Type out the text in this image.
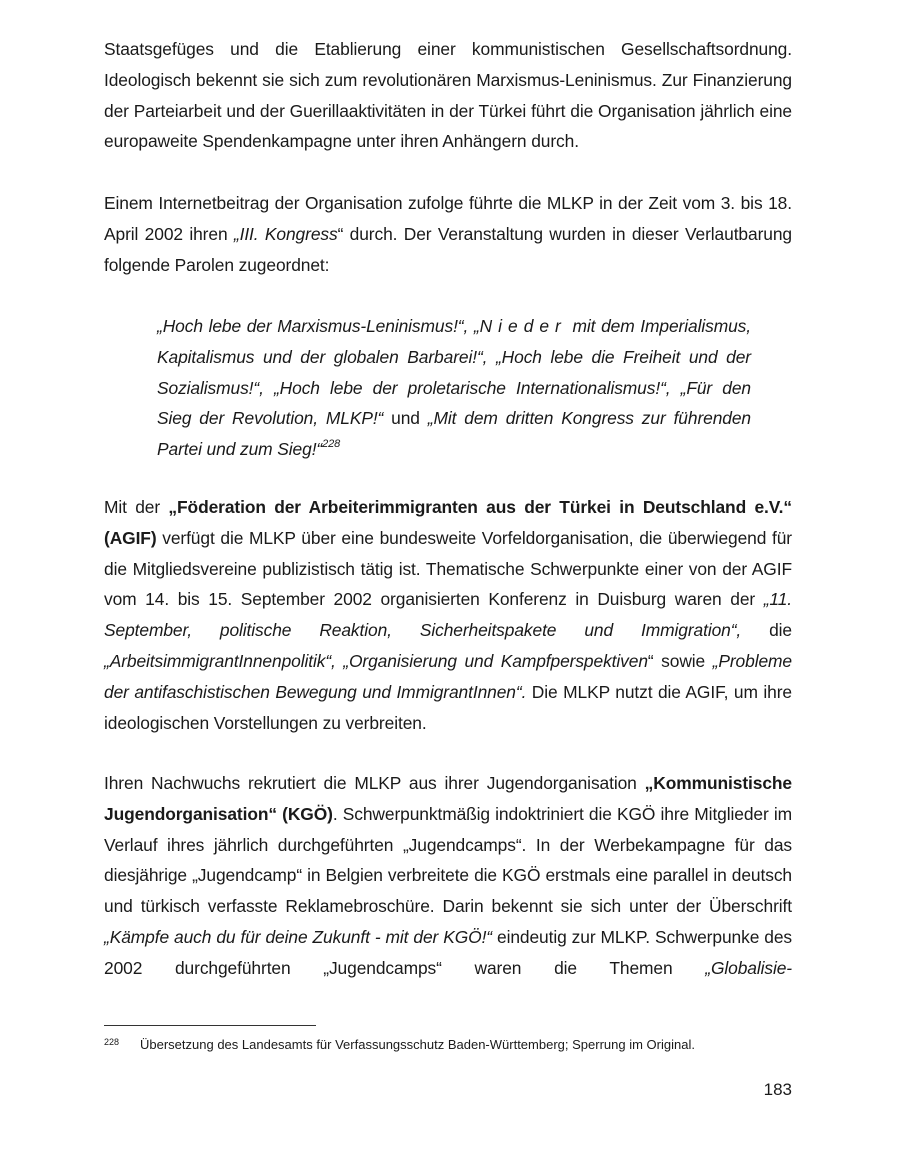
Staatsgefüges und die Etablierung einer kommunistischen Gesellschaftsordnung. Ideologisch bekennt sie sich zum revolutionären Marxismus-Leninismus. Zur Finanzierung der Parteiarbeit und der Guerillaaktivitäten in der Türkei führt die Organisation jährlich eine europaweite Spendenkampagne unter ihren Anhängern durch.

Einem Internetbeitrag der Organisation zufolge führte die MLKP in der Zeit vom 3. bis 18. April 2002 ihren „III. Kongress“ durch. Der Veranstaltung wurden in dieser Verlautbarung folgende Parolen zugeordnet:

„Hoch lebe der Marxismus-Leninismus!“, „Nieder mit dem Imperialismus, Kapitalismus und der globalen Barbarei!“, „Hoch lebe die Freiheit und der Sozialismus!“, „Hoch lebe der proletarische Internationalismus!“, „Für den Sieg der Revolution, MLKP!“ und „Mit dem dritten Kongress zur führenden Partei und zum Sieg!“$^{228}$

Mit der „Föderation der Arbeiterimmigranten aus der Türkei in Deutschland e.V.“ (AGIF) verfügt die MLKP über eine bundesweite Vorfeldorganisation, die überwiegend für die Mitgliedsvereine publizistisch tätig ist. Thematische Schwerpunkte einer von der AGIF vom 14. bis 15. September 2002 organisierten Konferenz in Duisburg waren der „11. September, politische Reaktion, Sicherheitspakete und Immigration“, die „ArbeitsimmigrantInnenpolitik“, „Organisierung und Kampfperspektiven“ sowie „Probleme der antifaschistischen Bewegung und ImmigrantInnen“. Die MLKP nutzt die AGIF, um ihre ideologischen Vorstellungen zu verbreiten.

Ihren Nachwuchs rekrutiert die MLKP aus ihrer Jugendorganisation „Kommunistische Jugendorganisation“ (KGÖ). Schwerpunktmäßig indoktriniert die KGÖ ihre Mitglieder im Verlauf ihres jährlich durchgeführten „Jugendcamps“. In der Werbekampagne für das diesjährige „Jugendcamp“ in Belgien verbreitete die KGÖ erstmals eine parallel in deutsch und türkisch verfasste Reklamebroschüre. Darin bekennt sie sich unter der Überschrift „Kämpfe auch du für deine Zukunft - mit der KGÖ!“ eindeutig zur MLKP. Schwerpunke des 2002 durchgeführten „Jugendcamps“ waren die Themen „Globalisie-

228 Übersetzung des Landesamts für Verfassungsschutz Baden-Württemberg; Sperrung im Original.
183
